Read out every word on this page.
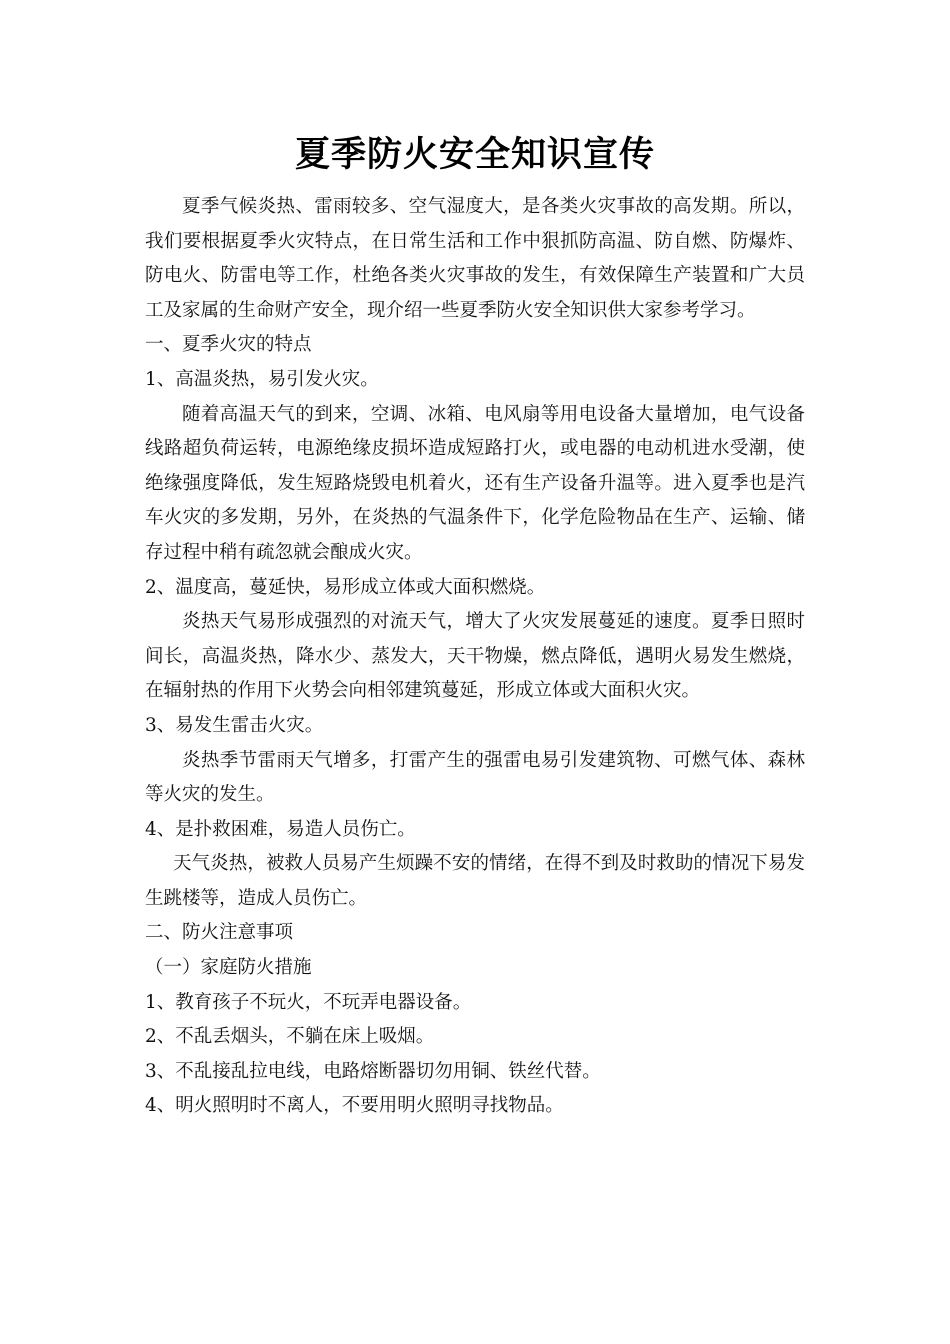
夏季防火安全知识宣传

夏季气候炎热、雷雨较多、空气湿度大，是各类火灾事故的高发期。所以，我们要根据夏季火灾特点，在日常生活和工作中狠抓防高温、防自燃、防爆炸、防电火、防雷电等工作，杜绝各类火灾事故的发生，有效保障生产装置和广大员工及家属的生命财产安全，现介绍一些夏季防火安全知识供大家参考学习。

一、夏季火灾的特点

1、高温炎热，易引发火灾。

随着高温天气的到来，空调、冰箱、电风扇等用电设备大量增加，电气设备线路超负荷运转，电源绝缘皮损坏造成短路打火，或电器的电动机进水受潮，使绝缘强度降低，发生短路烧毁电机着火，还有生产设备升温等。进入夏季也是汽车火灾的多发期，另外，在炎热的气温条件下，化学危险物品在生产、运输、储存过程中稍有疏忽就会酿成火灾。

2、温度高，蔓延快，易形成立体或大面积燃烧。

炎热天气易形成强烈的对流天气，增大了火灾发展蔓延的速度。夏季日照时间长，高温炎热，降水少、蒸发大，天干物燥，燃点降低，遇明火易发生燃烧，在辐射热的作用下火势会向相邻建筑蔓延，形成立体或大面积火灾。

3、易发生雷击火灾。

炎热季节雷雨天气增多，打雷产生的强雷电易引发建筑物、可燃气体、森林等火灾的发生。

4、是扑救困难，易造人员伤亡。

天气炎热，被救人员易产生烦躁不安的情绪，在得不到及时救助的情况下易发生跳楼等，造成人员伤亡。

二、防火注意事项

（一）家庭防火措施

1、教育孩子不玩火，不玩弄电器设备。

2、不乱丢烟头，不躺在床上吸烟。

3、不乱接乱拉电线，电路熔断器切勿用铜、铁丝代替。

4、明火照明时不离人，不要用明火照明寻找物品。
